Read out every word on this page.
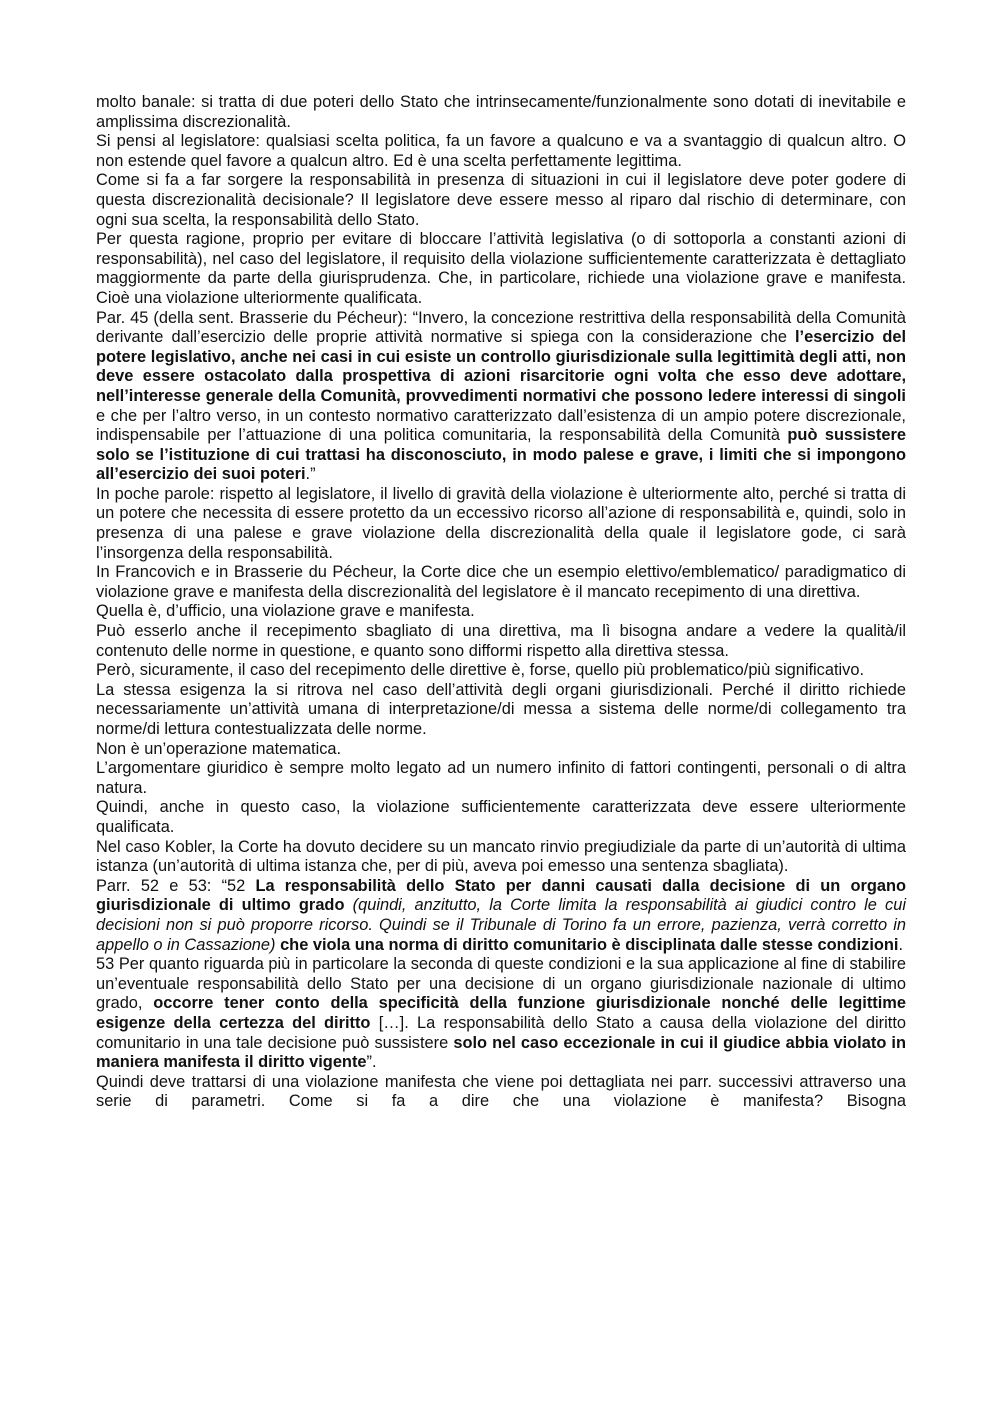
molto banale: si tratta di due poteri dello Stato che intrinsecamente/funzionalmente sono dotati di inevitabile e amplissima discrezionalità.

Si pensi al legislatore: qualsiasi scelta politica, fa un favore a qualcuno e va a svantaggio di qualcun altro. O non estende quel favore a qualcun altro. Ed è una scelta perfettamente legittima.

Come si fa a far sorgere la responsabilità in presenza di situazioni in cui il legislatore deve poter godere di questa discrezionalità decisionale? Il legislatore deve essere messo al riparo dal rischio di determinare, con ogni sua scelta, la responsabilità dello Stato.

Per questa ragione, proprio per evitare di bloccare l’attività legislativa (o di sottoporla a constanti azioni di responsabilità), nel caso del legislatore, il requisito della violazione sufficientemente caratterizzata è dettagliato maggiormente da parte della giurisprudenza. Che, in particolare, richiede una violazione grave e manifesta. Cioè una violazione ulteriormente qualificata.

Par. 45 (della sent. Brasserie du Pécheur): “Invero, la concezione restrittiva della responsabilità della Comunità derivante dall’esercizio delle proprie attività normative si spiega con la considerazione che l’esercizio del potere legislativo, anche nei casi in cui esiste un controllo giurisdizionale sulla legittimità degli atti, non deve essere ostacolato dalla prospettiva di azioni risarcitorie ogni volta che esso deve adottare, nell’interesse generale della Comunità, provvedimenti normativi che possono ledere interessi di singoli e che per l’altro verso, in un contesto normativo caratterizzato dall’esistenza di un ampio potere discrezionale, indispensabile per l’attuazione di una politica comunitaria, la responsabilità della Comunità può sussistere solo se l’istituzione di cui trattasi ha disconosciuto, in modo palese e grave, i limiti che si impongono all’esercizio dei suoi poteri.”

In poche parole: rispetto al legislatore, il livello di gravità della violazione è ulteriormente alto, perché si tratta di un potere che necessita di essere protetto da un eccessivo ricorso all’azione di responsabilità e, quindi, solo in presenza di una palese e grave violazione della discrezionalità della quale il legislatore gode, ci sarà l’insorgenza della responsabilità.

In Francovich e in Brasserie du Pécheur, la Corte dice che un esempio elettivo/emblematico/ paradigmatico di violazione grave e manifesta della discrezionalità del legislatore è il mancato recepimento di una direttiva.

Quella è, d’ufficio, una violazione grave e manifesta.

Può esserlo anche il recepimento sbagliato di una direttiva, ma lì bisogna andare a vedere la qualità/il contenuto delle norme in questione, e quanto sono difformi rispetto alla direttiva stessa.

Però, sicuramente, il caso del recepimento delle direttive è, forse, quello più problematico/più significativo.

La stessa esigenza la si ritrova nel caso dell’attività degli organi giurisdizionali. Perché il diritto richiede necessariamente un’attività umana di interpretazione/di messa a sistema delle norme/di collegamento tra norme/di lettura contestualizzata delle norme.

Non è un’operazione matematica.

L’argomentare giuridico è sempre molto legato ad un numero infinito di fattori contingenti, personali o di altra natura.

Quindi, anche in questo caso, la violazione sufficientemente caratterizzata deve essere ulteriormente qualificata.

Nel caso Kobler, la Corte ha dovuto decidere su un mancato rinvio pregiudiziale da parte di un’autorità di ultima istanza (un’autorità di ultima istanza che, per di più, aveva poi emesso una sentenza sbagliata).

Parr. 52 e 53: “52 La responsabilità dello Stato per danni causati dalla decisione di un organo giurisdizionale di ultimo grado (quindi, anzitutto, la Corte limita la responsabilità ai giudici contro le cui decisioni non si può proporre ricorso. Quindi se il Tribunale di Torino fa un errore, pazienza, verrà corretto in appello o in Cassazione) che viola una norma di diritto comunitario è disciplinata dalle stesse condizioni.

53 Per quanto riguarda più in particolare la seconda di queste condizioni e la sua applicazione al fine di stabilire un’eventuale responsabilità dello Stato per una decisione di un organo giurisdizionale nazionale di ultimo grado, occorre tener conto della specificità della funzione giurisdizionale nonché delle legittime esigenze della certezza del diritto […]. La responsabilità dello Stato a causa della violazione del diritto comunitario in una tale decisione può sussistere solo nel caso eccezionale in cui il giudice abbia violato in maniera manifesta il diritto vigente”.

Quindi deve trattarsi di una violazione manifesta che viene poi dettagliata nei parr. successivi attraverso una serie di parametri. Come si fa a dire che una violazione è manifesta? Bisogna
